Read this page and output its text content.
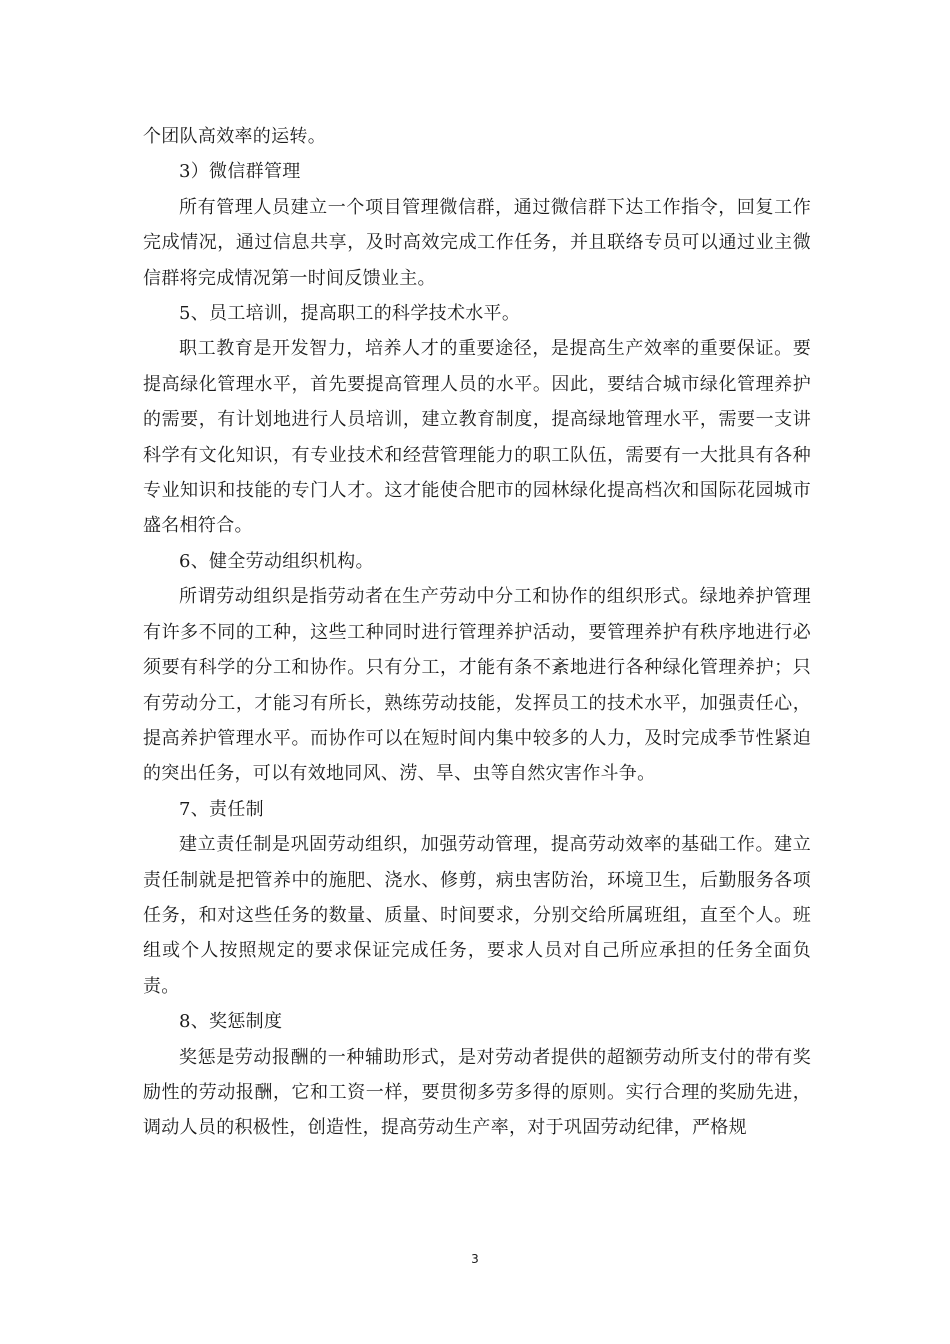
个团队高效率的运转。

3）微信群管理

所有管理人员建立一个项目管理微信群，通过微信群下达工作指令，回复工作完成情况，通过信息共享，及时高效完成工作任务，并且联络专员可以通过业主微信群将完成情况第一时间反馈业主。

5、员工培训，提高职工的科学技术水平。

职工教育是开发智力，培养人才的重要途径，是提高生产效率的重要保证。要提高绿化管理水平，首先要提高管理人员的水平。因此，要结合城市绿化管理养护的需要，有计划地进行人员培训，建立教育制度，提高绿地管理水平，需要一支讲科学有文化知识，有专业技术和经营管理能力的职工队伍，需要有一大批具有各种专业知识和技能的专门人才。这才能使合肥市的园林绿化提高档次和国际花园城市盛名相符合。

6、健全劳动组织机构。

所谓劳动组织是指劳动者在生产劳动中分工和协作的组织形式。绿地养护管理有许多不同的工种，这些工种同时进行管理养护活动，要管理养护有秩序地进行必须要有科学的分工和协作。只有分工，才能有条不紊地进行各种绿化管理养护；只有劳动分工，才能习有所长，熟练劳动技能，发挥员工的技术水平，加强责任心，提高养护管理水平。而协作可以在短时间内集中较多的人力，及时完成季节性紧迫的突出任务，可以有效地同风、涝、旱、虫等自然灾害作斗争。

7、责任制

建立责任制是巩固劳动组织，加强劳动管理，提高劳动效率的基础工作。建立责任制就是把管养中的施肥、浇水、修剪，病虫害防治，环境卫生，后勤服务各项任务，和对这些任务的数量、质量、时间要求，分别交给所属班组，直至个人。班组或个人按照规定的要求保证完成任务，要求人员对自己所应承担的任务全面负责。

8、奖惩制度

奖惩是劳动报酬的一种辅助形式，是对劳动者提供的超额劳动所支付的带有奖励性的劳动报酬，它和工资一样，要贯彻多劳多得的原则。实行合理的奖励先进，调动人员的积极性，创造性，提高劳动生产率，对于巩固劳动纪律，严格规

3
